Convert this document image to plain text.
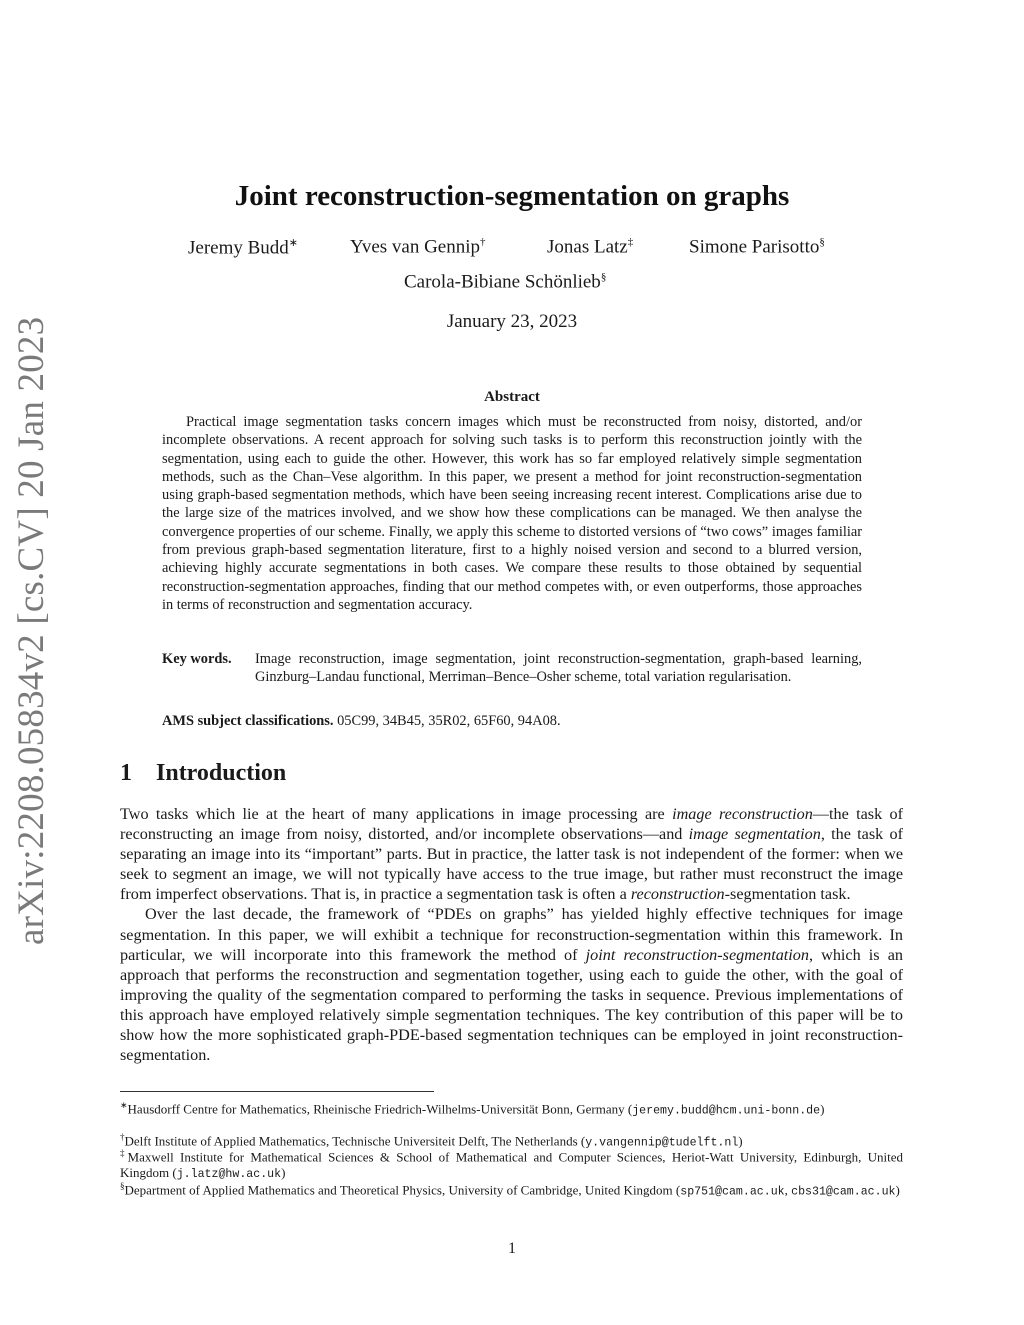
arXiv:2208.05834v2 [cs.CV] 20 Jan 2023
Joint reconstruction-segmentation on graphs
Jeremy Budd∗	Yves van Gennip†	Jonas Latz‡	Simone Parisotto§
Carola-Bibiane Schönlieb§
January 23, 2023
Abstract

Practical image segmentation tasks concern images which must be reconstructed from noisy, distorted, and/or incomplete observations. A recent approach for solving such tasks is to perform this reconstruction jointly with the segmentation, using each to guide the other. However, this work has so far employed relatively simple segmentation methods, such as the Chan–Vese algorithm. In this paper, we present a method for joint reconstruction-segmentation using graph-based segmentation methods, which have been seeing increasing recent interest. Complications arise due to the large size of the matrices involved, and we show how these complications can be managed. We then analyse the convergence properties of our scheme. Finally, we apply this scheme to distorted versions of “two cows” images familiar from previous graph-based segmentation literature, first to a highly noised version and second to a blurred version, achieving highly accurate segmentations in both cases. We compare these results to those obtained by sequential reconstruction-segmentation approaches, finding that our method competes with, or even outperforms, those approaches in terms of reconstruction and segmentation accuracy.

Key words. Image reconstruction, image segmentation, joint reconstruction-segmentation, graph-based learning, Ginzburg–Landau functional, Merriman–Bence–Osher scheme, total variation regularisation.
AMS subject classifications. 05C99, 34B45, 35R02, 65F60, 94A08.
1 Introduction

Two tasks which lie at the heart of many applications in image processing are image reconstruction—the task of reconstructing an image from noisy, distorted, and/or incomplete observations—and image segmentation, the task of separating an image into its “important” parts. But in practice, the latter task is not independent of the former: when we seek to segment an image, we will not typically have access to the true image, but rather must reconstruct the image from imperfect observations. That is, in practice a segmentation task is often a reconstruction-segmentation task.

Over the last decade, the framework of “PDEs on graphs” has yielded highly effective techniques for image segmentation. In this paper, we will exhibit a technique for reconstruction-segmentation within this framework. In particular, we will incorporate into this framework the method of joint reconstruction-segmentation, which is an approach that performs the reconstruction and segmentation together, using each to guide the other, with the goal of improving the quality of the segmentation compared to performing the tasks in sequence. Previous implementations of this approach have employed relatively simple segmentation techniques. The key contribution of this paper will be to show how the more sophisticated graph-PDE-based segmentation techniques can be employed in joint reconstruction-segmentation.

∗Hausdorff Centre for Mathematics, Rheinische Friedrich-Wilhelms-Universität Bonn, Germany (jeremy.budd@hcm.uni-bonn.de)
†Delft Institute of Applied Mathematics, Technische Universiteit Delft, The Netherlands (y.vangennip@tudelft.nl)
‡Maxwell Institute for Mathematical Sciences & School of Mathematical and Computer Sciences, Heriot-Watt University, Edinburgh, United Kingdom (j.latz@hw.ac.uk)
§Department of Applied Mathematics and Theoretical Physics, University of Cambridge, United Kingdom (sp751@cam.ac.uk, cbs31@cam.ac.uk)
1
